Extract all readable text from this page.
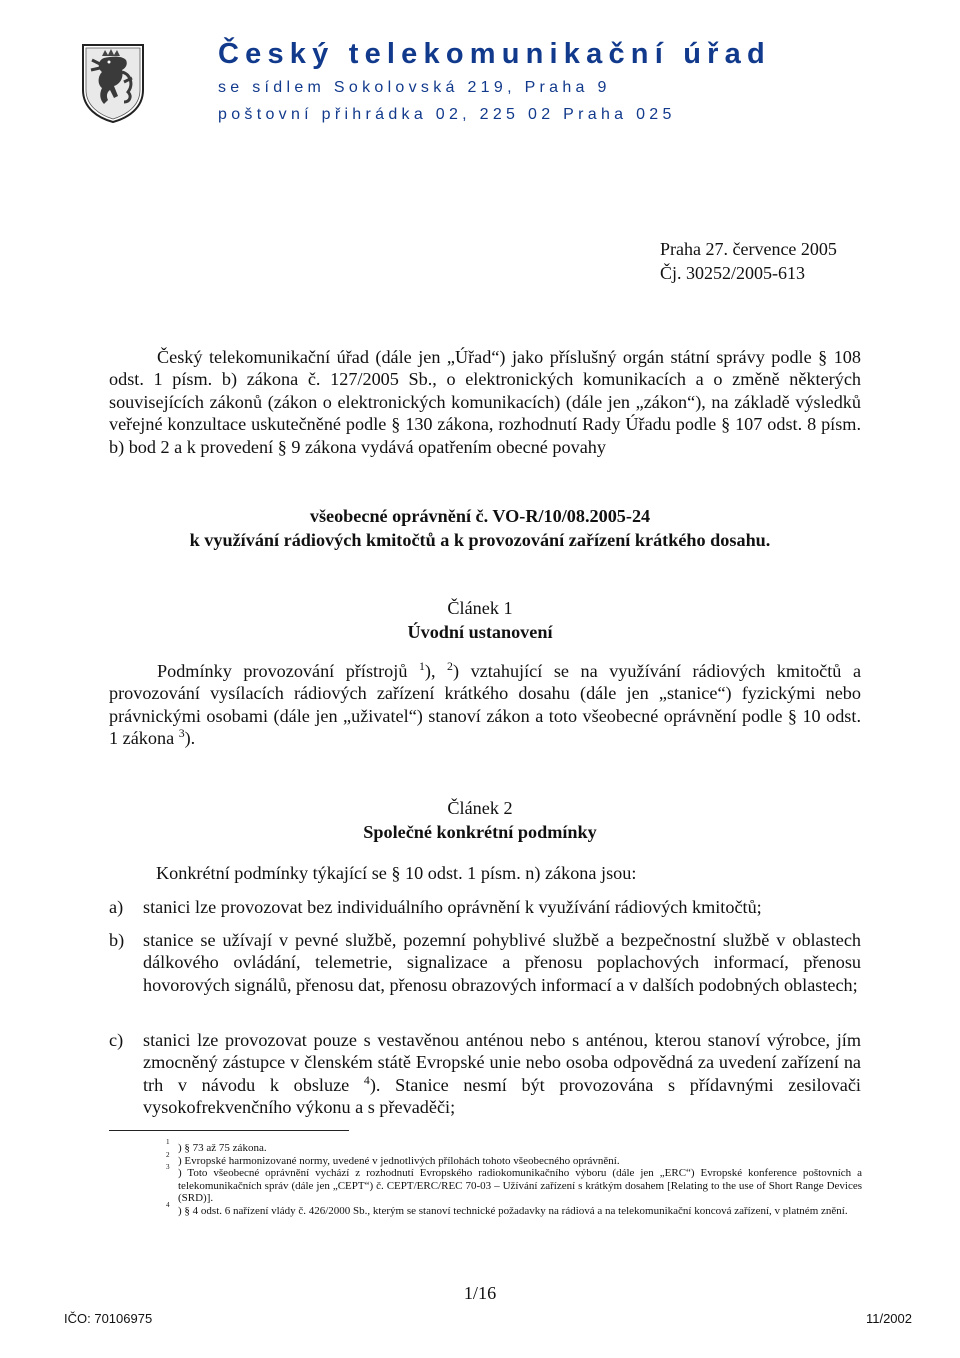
Český telekomunikační úřad
se sídlem Sokolovská 219, Praha 9
poštovní přihrádka 02, 225 02 Praha 025
Praha 27. července 2005
Čj. 30252/2005-613
Český telekomunikační úřad (dále jen „Úřad“) jako příslušný orgán státní správy podle § 108 odst. 1 písm. b) zákona č. 127/2005 Sb., o elektronických komunikacích a o změně některých souvisejících zákonů (zákon o elektronických komunikacích) (dále jen „zákon“), na základě výsledků veřejné konzultace uskutečněné podle § 130 zákona, rozhodnutí Rady Úřadu podle § 107 odst. 8 písm. b) bod 2 a k provedení § 9 zákona vydává opatřením obecné povahy
všeobecné oprávnění č. VO-R/10/08.2005-24
k využívání rádiových kmitočtů a k provozování zařízení krátkého dosahu.
Článek 1
Úvodní ustanovení
Podmínky provozování přístrojů $^1$), $^2$) vztahující se na využívání rádiových kmitočtů a provozování vysílacích rádiových zařízení krátkého dosahu (dále jen „stanice“) fyzickými nebo právnickými osobami (dále jen „uživatel“) stanoví zákon a toto všeobecné oprávnění podle § 10 odst. 1 zákona $^3$).
Článek 2
Společné konkrétní podmínky
Konkrétní podmínky týkající se § 10 odst. 1 písm. n) zákona jsou:
a)	stanici lze provozovat bez individuálního oprávnění k využívání rádiových kmitočtů;
b)	stanice se užívají v pevné službě, pozemní pohyblivé službě a bezpečnostní službě v oblastech dálkového ovládání, telemetrie, signalizace a přenosu poplachových informací, přenosu hovorových signálů, přenosu dat, přenosu obrazových informací a v dalších podobných oblastech;
c)	stanici lze provozovat pouze s vestavěnou anténou nebo s anténou, kterou stanoví výrobce, jím zmocněný zástupce v členském státě Evropské unie nebo osoba odpovědná za uvedení zařízení na trh v návodu k obsluze $^4$). Stanice nesmí být provozována s přídavnými zesilovači vysokofrekvenčního výkonu a s převaděči;
1 ) § 73 až 75 zákona.
2 ) Evropské harmonizované normy, uvedené v jednotlivých přílohách tohoto všeobecného oprávnění.
3 ) Toto všeobecné oprávnění vychází z rozhodnutí Evropského radiokomunikačního výboru (dále jen „ERC“) Evropské konference poštovních a telekomunikačních správ (dále jen „CEPT“) č. CEPT/ERC/REC 70-03 – Užívání zařízení s krátkým dosahem [Relating to the use of Short Range Devices (SRD)].
4 ) § 4 odst. 6 nařízení vlády č. 426/2000 Sb., kterým se stanoví technické požadavky na rádiová a na telekomunikační koncová zařízení, v platném znění.
1/16
IČO: 70106975	11/2002
